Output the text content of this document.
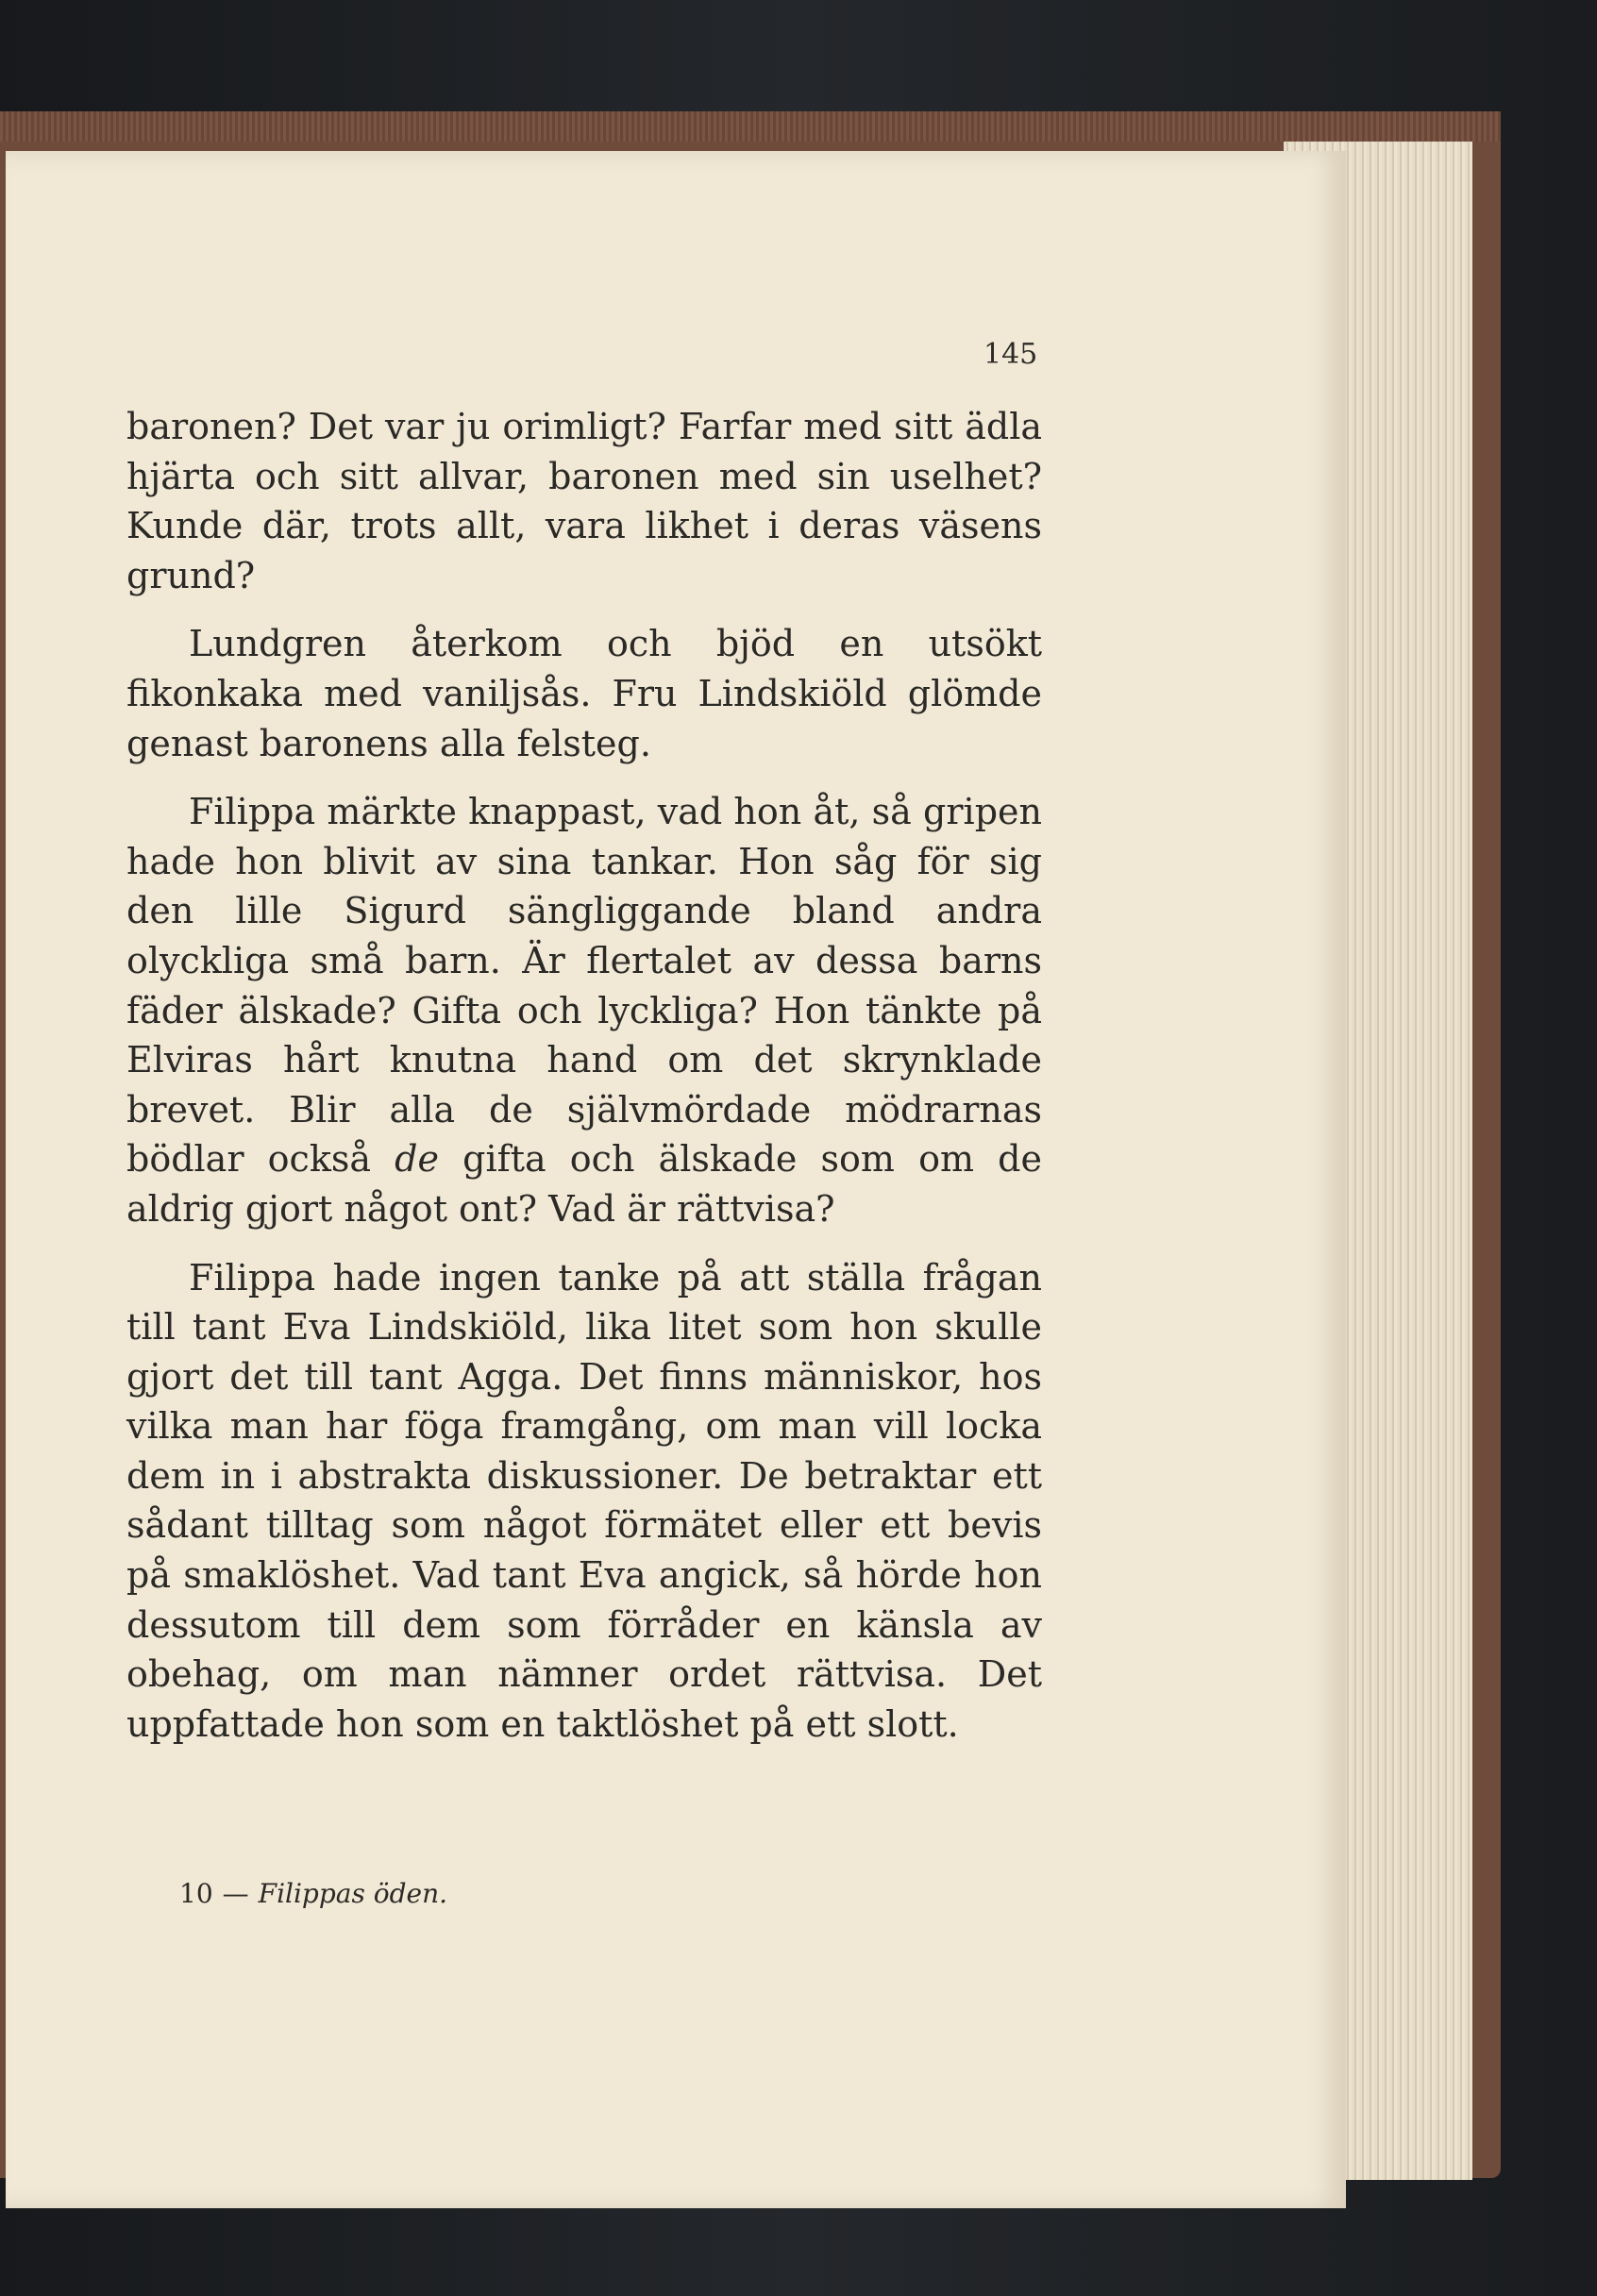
145

baronen? Det var ju orimligt? Farfar med sitt ädla hjärta och sitt allvar, baronen med sin uselhet? Kunde där, trots allt, vara likhet i deras väsens grund?

Lundgren återkom och bjöd en utsökt fikonkaka med vaniljsås. Fru Lindskiöld glömde genast baronens alla felsteg.

Filippa märkte knappast, vad hon åt, så gripen hade hon blivit av sina tankar. Hon såg för sig den lille Sigurd sängliggande bland andra olyckliga små barn. Är flertalet av dessa barns fäder älskade? Gifta och lyckliga? Hon tänkte på Elviras hårt knutna hand om det skrynklade brevet. Blir alla de självmördade mödrarnas bödlar också de gifta och älskade som om de aldrig gjort något ont? Vad är rättvisa?

Filippa hade ingen tanke på att ställa frågan till tant Eva Lindskiöld, lika litet som hon skulle gjort det till tant Agga. Det finns människor, hos vilka man har föga framgång, om man vill locka dem in i abstrakta diskussioner. De betraktar ett sådant tilltag som något förmätet eller ett bevis på smaklöshet. Vad tant Eva angick, så hörde hon dessutom till dem som förråder en känsla av obehag, om man nämner ordet rättvisa. Det uppfattade hon som en taktlöshet på ett slott.

10 — Filippas öden.
